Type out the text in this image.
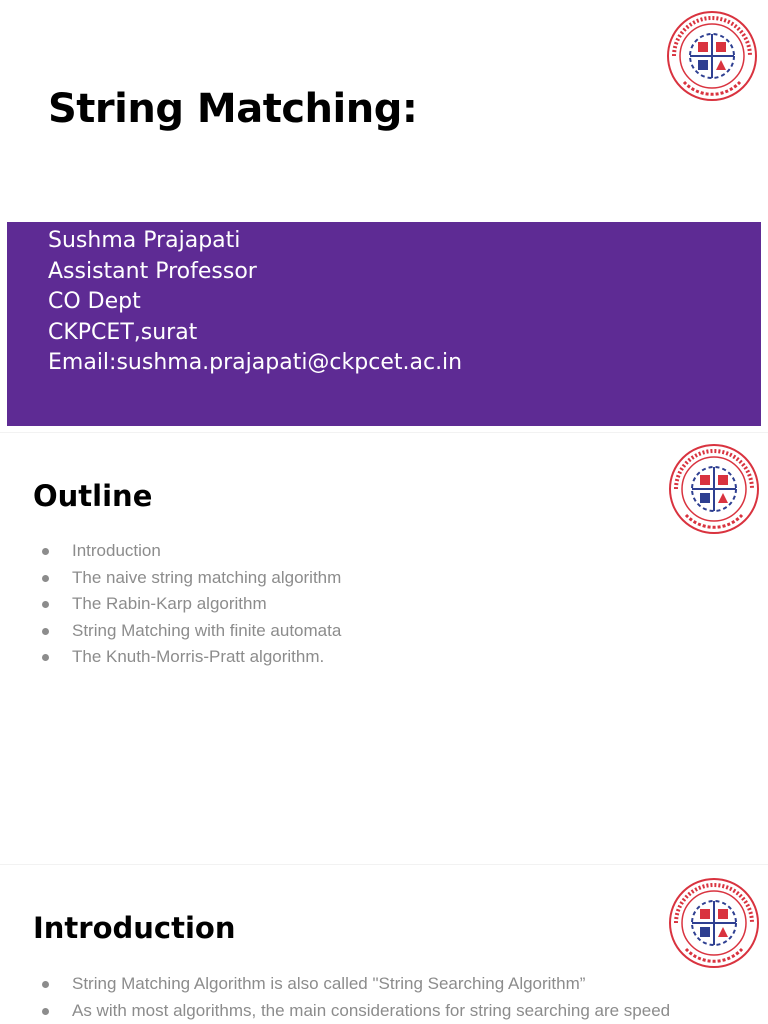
String Matching:
Sushma Prajapati
Assistant Professor
CO Dept
CKPCET,surat
Email:sushma.prajapati@ckpcet.ac.in
Outline
Introduction
The naive string matching algorithm
The Rabin-Karp algorithm
String Matching with finite automata
The Knuth-Morris-Pratt algorithm.
Introduction
String Matching Algorithm is also called "String Searching Algorithm”
As with most algorithms, the main considerations for string searching are speed
